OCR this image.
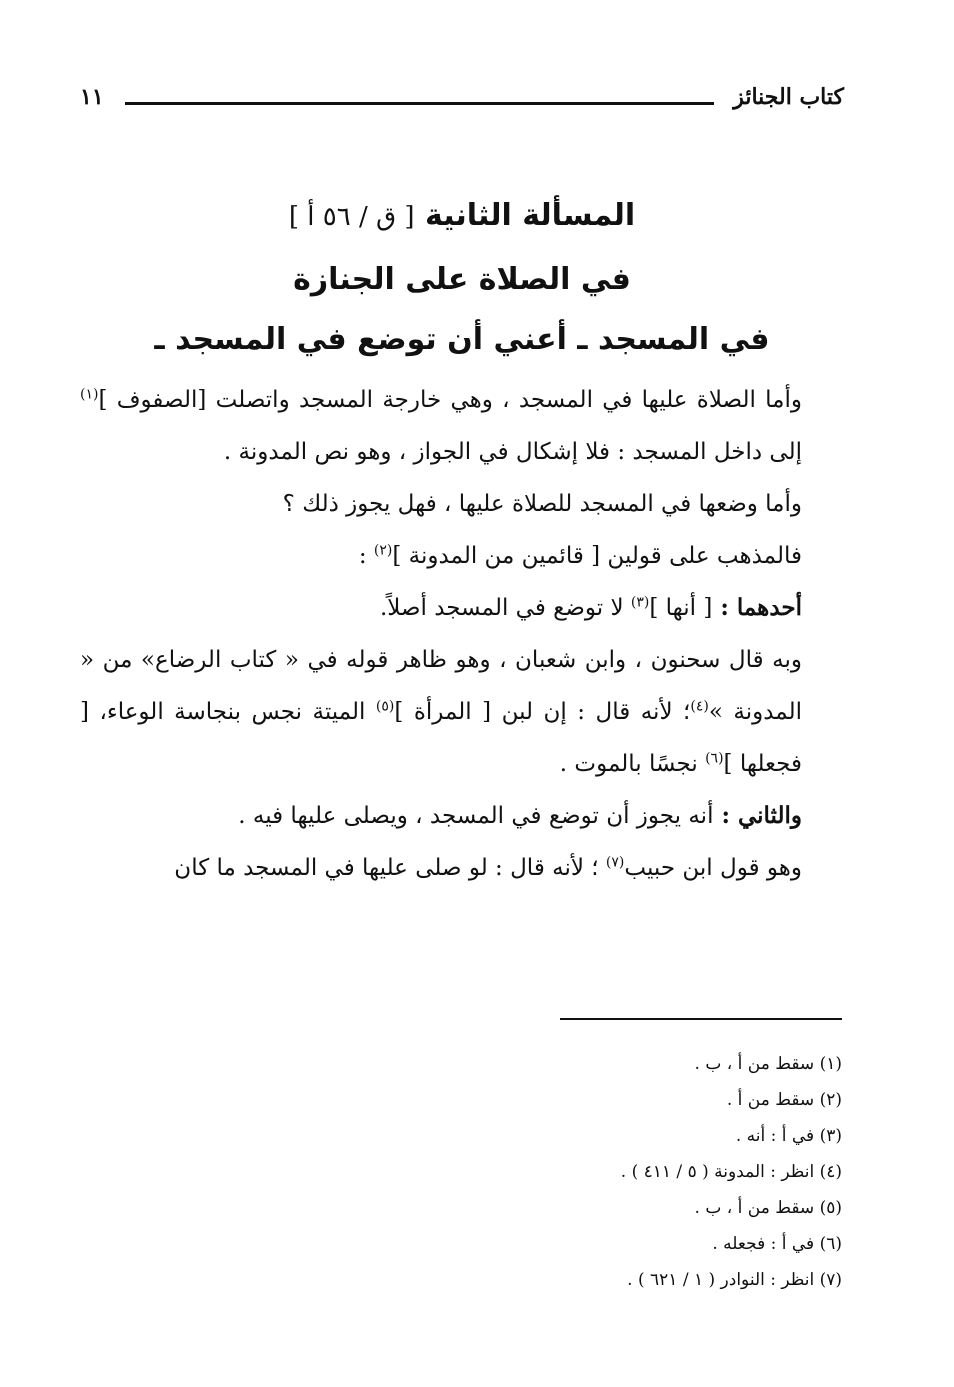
كتاب الجنائز
١١
المسألة الثانية [ ق / ٥٦ أ ]
في الصلاة على الجنازة
في المسجد ـ أعني أن توضع في المسجد ـ

وأما الصلاة عليها في المسجد ، وهي خارجة المسجد واتصلت [الصفوف ]$^{(١)}$ إلى داخل المسجد : فلا إشكال في الجواز ، وهو نص المدونة .

وأما وضعها في المسجد للصلاة عليها ، فهل يجوز ذلك ؟

فالمذهب على قولين [ قائمين من المدونة ]$^{(٢)}$ :

أحدهما : [ أنها ]$^{(٣)}$ لا توضع في المسجد أصلاً.

وبه قال سحنون ، وابن شعبان ، وهو ظاهر قوله في « كتاب الرضاع» من « المدونة »$^{(٤)}$؛ لأنه قال : إن لبن [ المرأة ]$^{(٥)}$ الميتة نجس بنجاسة الوعاء، [ فجعلها ]$^{(٦)}$ نجسًا بالموت .

والثاني : أنه يجوز أن توضع في المسجد ، ويصلى عليها فيه .

وهو قول ابن حبيب$^{(٧)}$ ؛ لأنه قال : لو صلى عليها في المسجد ما كان

(١) سقط من أ ، ب .
(٢) سقط من أ .
(٣) في أ : أنه .
(٤) انظر : المدونة ( ٥ / ٤١١ ) .
(٥) سقط من أ ، ب .
(٦) في أ : فجعله .
(٧) انظر : النوادر ( ١ / ٦٢١ ) .
